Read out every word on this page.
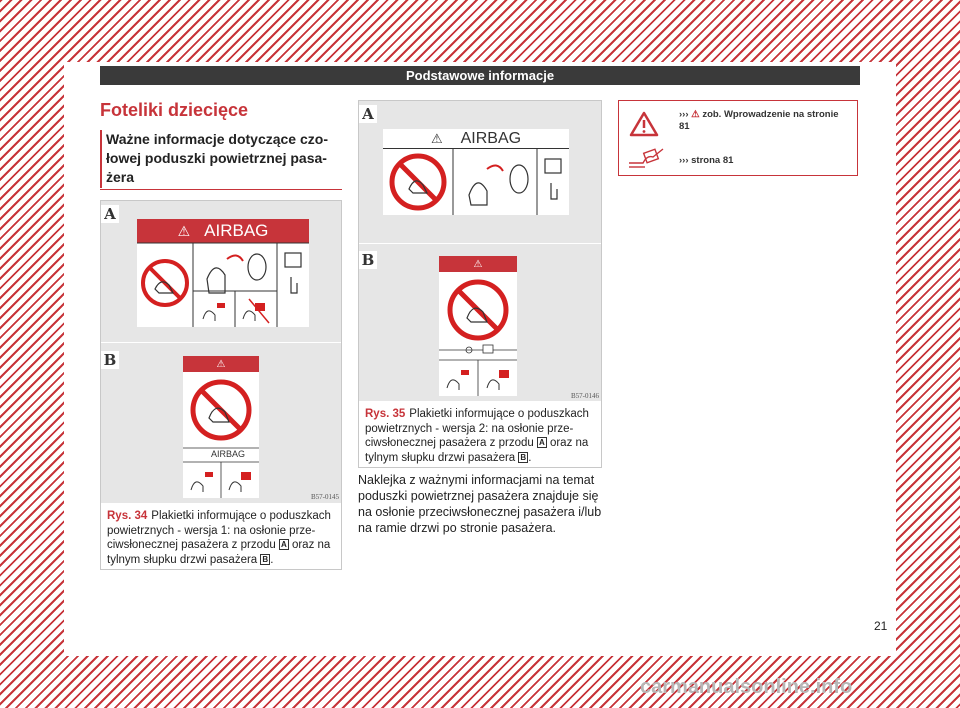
Podstawowe informacje
Foteliki dziecięce
Ważne informacje dotyczące czo-łowej poduszki powietrznej pasa-żera
A
⚠ AIRBAG
B	⚠
AIRBAG
B57-0145
Rys. 34 Plakietki informujące o poduszkach powietrznych - wersja 1: na osłonie prze-ciwsłonecznej pasażera z przodu A oraz na tylnym słupku drzwi pasażera B .
A
⚠ AIRBAG
B	⚠
B57-0146
Rys. 35 Plakietki informujące o poduszkach powietrznych - wersja 2: na osłonie prze-ciwsłonecznej pasażera z przodu A oraz na tylnym słupku drzwi pasażera B .
Naklejka z ważnymi informacjami na temat poduszki powietrznej pasażera znajduje się na osłonie przeciwsłonecznej pasażera i/lub na ramie drzwi po stronie pasażera.
››› ⚠ zob. Wprowadzenie na stronie 81
››› strona 81
21
carmanualsonline.info
